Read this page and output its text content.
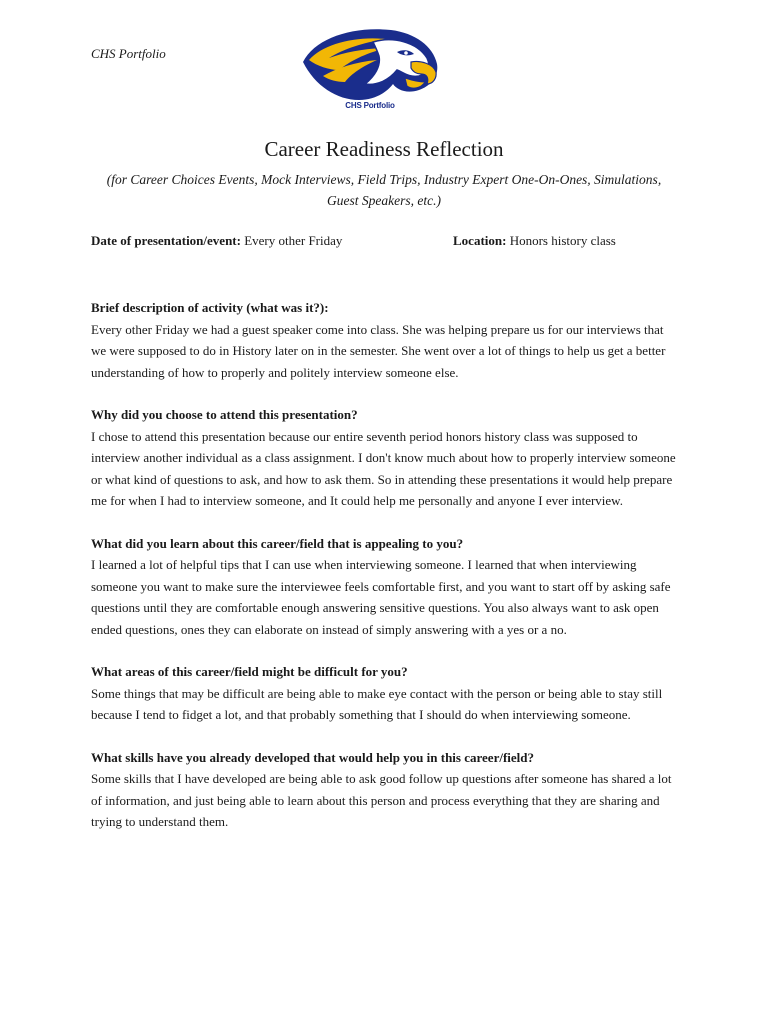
CHS Portfolio
CHS Portfolio
Career Readiness Reflection
(for Career Choices Events, Mock Interviews, Field Trips, Industry Expert One-On-Ones, Simulations, Guest Speakers, etc.)
Date of presentation/event: Every other Friday	Location: Honors history class
Brief description of activity (what was it?):

Every other Friday we had a guest speaker come into class. She was helping prepare us for our interviews that we were supposed to do in History later on in the semester. She went over a lot of things to help us get a better understanding of how to properly and politely interview someone else.

Why did you choose to attend this presentation?

I chose to attend this presentation because our entire seventh period honors history class was supposed to interview another individual as a class assignment. I don't know much about how to properly interview someone or what kind of questions to ask, and how to ask them. So in attending these presentations it would help prepare me for when I had to interview someone, and It could help me personally and anyone I ever interview.

What did you learn about this career/field that is appealing to you?

I learned a lot of helpful tips that I can use when interviewing someone. I learned that when interviewing someone you want to make sure the interviewee feels comfortable first, and you want to start off by asking safe questions until they are comfortable enough answering sensitive questions. You also always want to ask open ended questions, ones they can elaborate on instead of simply answering with a yes or a no.

What areas of this career/field might be difficult for you?

Some things that may be difficult are being able to make eye contact with the person or being able to stay still because I tend to fidget a lot, and that probably something that I should do when interviewing someone.

What skills have you already developed that would help you in this career/field?

Some skills that I have developed are being able to ask good follow up questions after someone has shared a lot of information, and just being able to learn about this person and process everything that they are sharing and trying to understand them.
